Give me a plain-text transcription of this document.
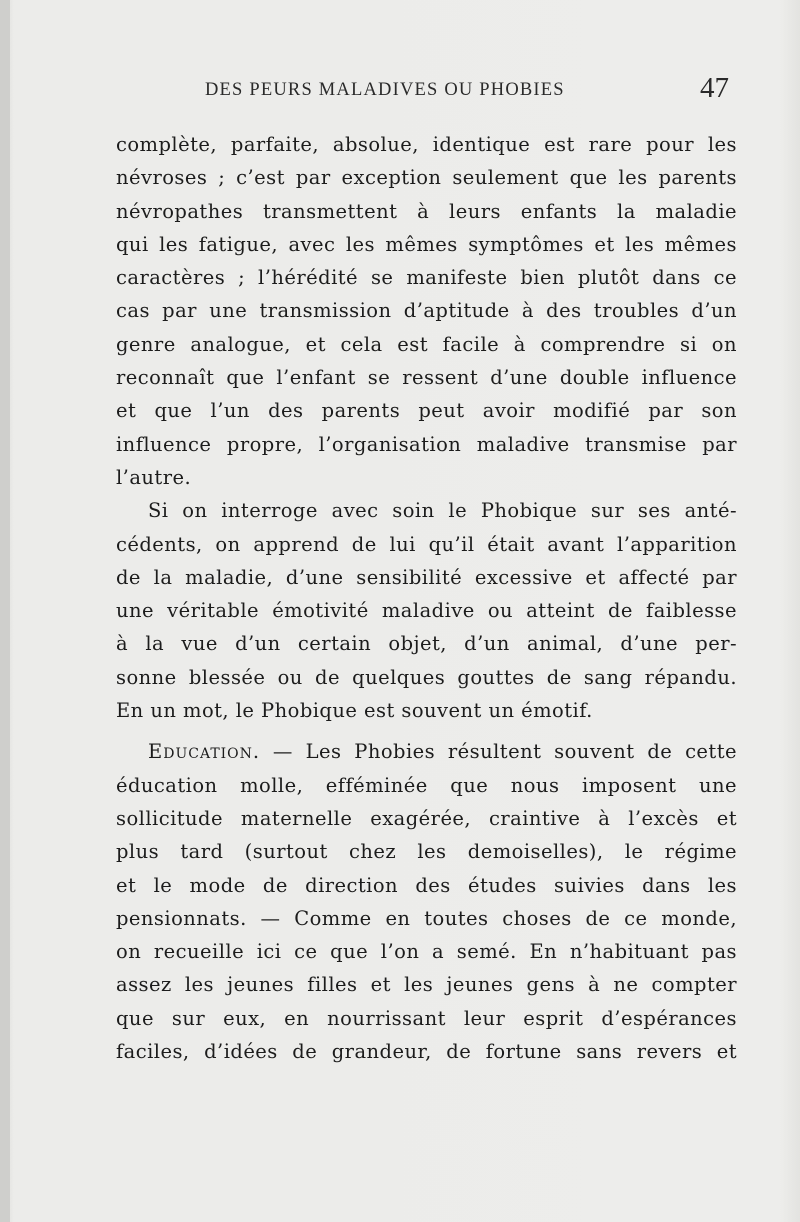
DES PEURS MALADIVES OU PHOBIES	47
complète, parfaite, absolue, identique est rare pour les
névroses ; c’est par exception seulement que les parents
névropathes transmettent à leurs enfants la maladie
qui les fatigue, avec les mêmes symptômes et les mêmes
caractères ; l’hérédité se manifeste bien plutôt dans ce
cas par une transmission d’aptitude à des troubles d’un
genre analogue, et cela est facile à comprendre si on
reconnaît que l’enfant se ressent d’une double influence
et que l’un des parents peut avoir modifié par son
influence propre, l’organisation maladive transmise par
l’autre.
Si on interroge avec soin le Phobique sur ses anté-
cédents, on apprend de lui qu’il était avant l’apparition
de la maladie, d’une sensibilité excessive et affecté par
une véritable émotivité maladive ou atteint de faiblesse
à la vue d’un certain objet, d’un animal, d’une per-
sonne blessée ou de quelques gouttes de sang répandu.
En un mot, le Phobique est souvent un émotif.
Education. — Les Phobies résultent souvent de cette
éducation molle, efféminée que nous imposent une
sollicitude maternelle exagérée, craintive à l’excès et
plus tard (surtout chez les demoiselles), le régime
et le mode de direction des études suivies dans les
pensionnats. — Comme en toutes choses de ce monde,
on recueille ici ce que l’on a semé. En n’habituant pas
assez les jeunes filles et les jeunes gens à ne compter
que sur eux, en nourrissant leur esprit d’espérances
faciles, d’idées de grandeur, de fortune sans revers et
